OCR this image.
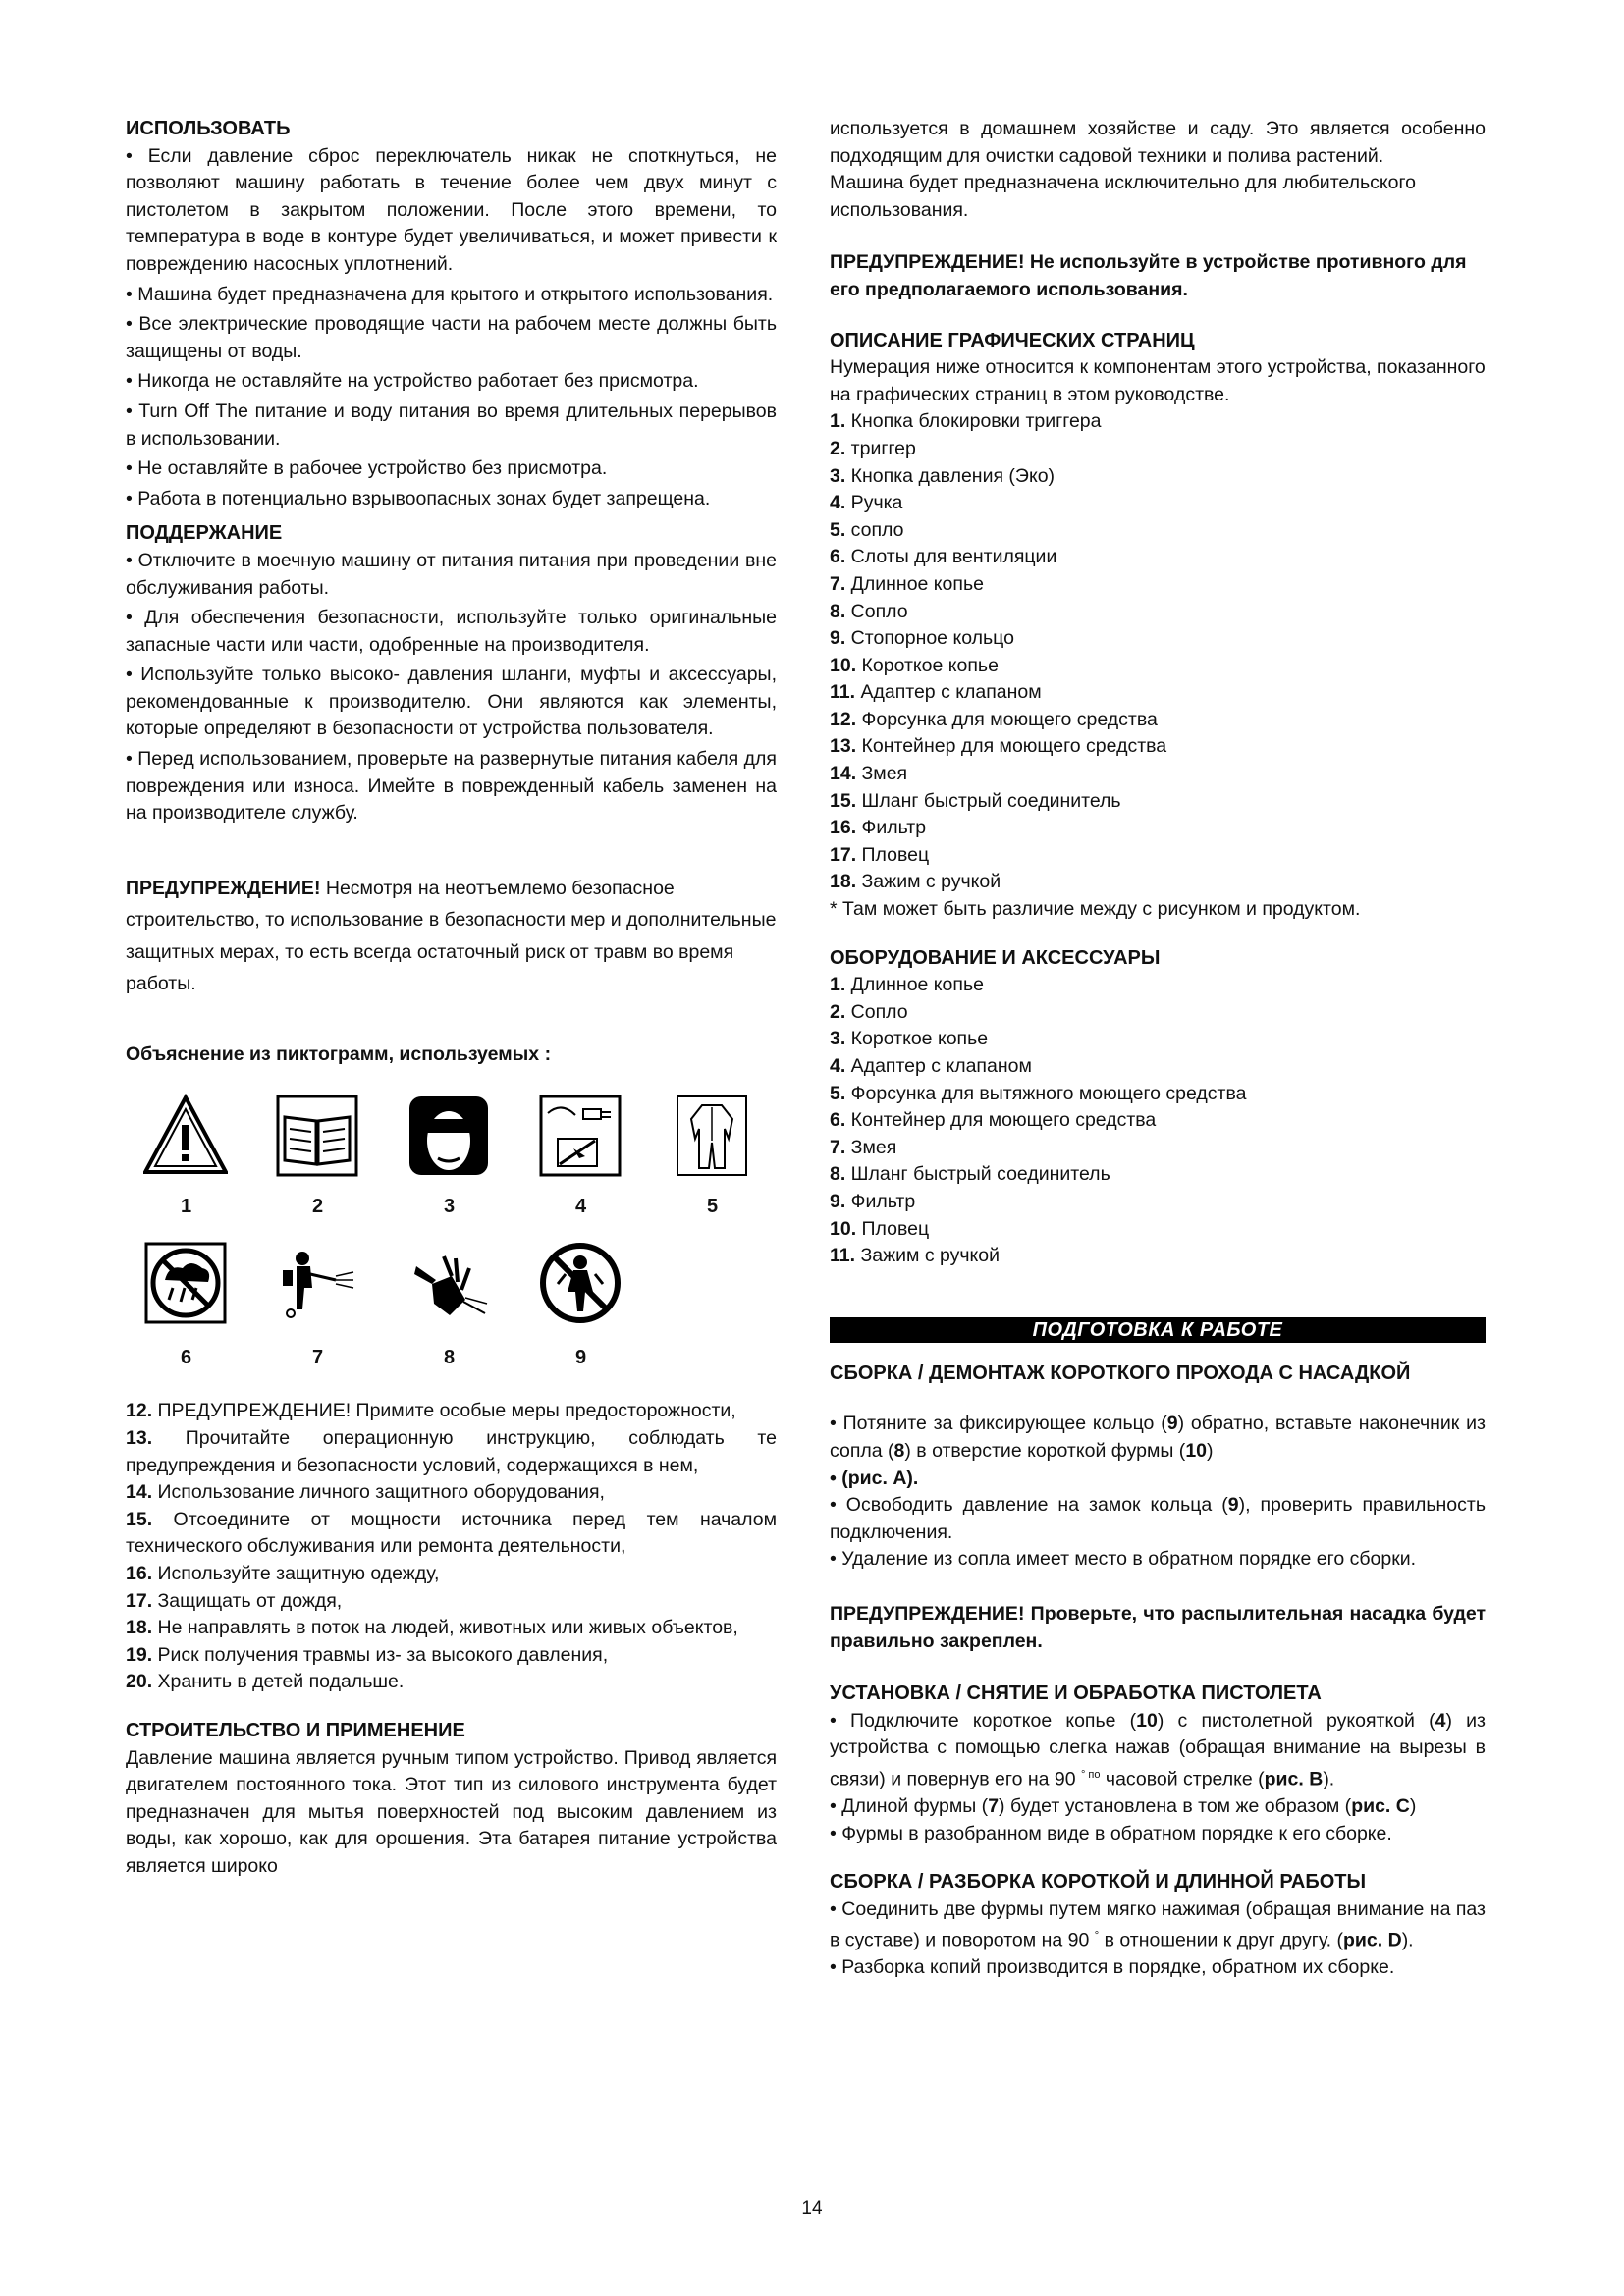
ИСПОЛЬЗОВАТЬ

• Если давление сброс переключатель никак не споткнуться, не позволяют машину работать в течение более чем двух минут с пистолетом в закрытом положении. После этого времени, то температура в воде в контуре будет увеличиваться, и может привести к повреждению насосных уплотнений.

• Машина будет предназначена для крытого и открытого использования.

• Все электрические проводящие части на рабочем месте должны быть защищены от воды.

• Никогда не оставляйте на устройство работает без присмотра.

• Turn Off The питание и воду питания во время длительных перерывов в использовании.

• Не оставляйте в рабочее устройство без присмотра.

• Работа в потенциально взрывоопасных зонах будет запрещена.

ПОДДЕРЖАНИЕ

• Отключите в моечную машину от питания питания при проведении вне обслуживания работы.

• Для обеспечения безопасности, используйте только оригинальные запасные части или части, одобренные на производителя.

• Используйте только высоко- давления шланги, муфты и аксессуары, рекомендованные к производителю. Они являются как элементы, которые определяют в безопасности от устройства пользователя.

• Перед использованием, проверьте на развернутые питания кабеля для повреждения или износа. Имейте в поврежденный кабель заменен на на производителе службу.

ПРЕДУПРЕЖДЕНИЕ! Несмотря на неотъемлемо безопасное строительство, то использование в безопасности мер и дополнительные защитных мерах, то есть всегда остаточный риск от травм во время работы.

Объяснение из пиктограмм, используемых :

1	2	3	4	5
6	7	8	9

12. ПРЕДУПРЕЖДЕНИЕ! Примите особые меры предосторожности,

13. Прочитайте операционную инструкцию, соблюдать те предупреждения и безопасности условий, содержащихся в нем,

14. Использование личного защитного оборудования,

15. Отсоедините от мощности источника перед тем началом технического обслуживания или ремонта деятельности,

16. Используйте защитную одежду,

17. Защищать от дождя,

18. Не направлять в поток на людей, животных или живых объектов,

19. Риск получения травмы из- за высокого давления,

20. Хранить в детей подальше.

СТРОИТЕЛЬСТВО И ПРИМЕНЕНИЕ

Давление машина является ручным типом устройство. Привод является двигателем постоянного тока. Этот тип из силового инструмента будет предназначен для мытья поверхностей под высоким давлением из воды, как хорошо, как для орошения. Эта батарея питание устройства является широко

используется в домашнем хозяйстве и саду. Это является особенно подходящим для очистки садовой техники и полива растений.

Машина будет предназначена исключительно для любительского использования.

ПРЕДУПРЕЖДЕНИЕ! Не используйте в устройстве противного для его предполагаемого использования.

ОПИСАНИЕ ГРАФИЧЕСКИХ СТРАНИЦ

Нумерация ниже относится к компонентам этого устройства, показанного на графических страниц в этом руководстве.

1. Кнопка блокировки триггера
2. триггер
3. Кнопка давления (Эко)
4. Ручка
5. сопло
6. Слоты для вентиляции
7. Длинное копье
8. Сопло
9. Стопорное кольцо
10. Короткое копье
11. Адаптер с клапаном
12. Форсунка для моющего средства
13. Контейнер для моющего средства
14. Змея
15. Шланг быстрый соединитель
16. Фильтр
17. Пловец
18. Зажим с ручкой

* Там может быть различие между с рисунком и продуктом.

ОБОРУДОВАНИЕ И АКСЕССУАРЫ

1. Длинное копье
2. Сопло
3. Короткое копье
4. Адаптер с клапаном
5. Форсунка для вытяжного моющего средства
6. Контейнер для моющего средства
7. Змея
8. Шланг быстрый соединитель
9. Фильтр
10. Пловец
11. Зажим с ручкой
ПОДГОТОВКА К РАБОТЕ

СБОРКА / ДЕМОНТАЖ КОРОТКОГО ПРОХОДА С НАСАДКОЙ

• Потяните за фиксирующее кольцо (9) обратно, вставьте наконечник из сопла (8) в отверстие короткой фурмы (10)

• (рис. A).

• Освободить давление на замок кольца (9), проверить правильность подключения.

• Удаление из сопла имеет место в обратном порядке его сборки.

ПРЕДУПРЕЖДЕНИЕ! Проверьте, что распылительная насадка будет правильно закреплен.

УСТАНОВКА / СНЯТИЕ И ОБРАБОТКА ПИСТОЛЕТА

• Подключите короткое копье (10) с пистолетной рукояткой (4) из устройства с помощью слегка нажав (обращая внимание на вырезы в связи) и повернув его на 90 $^{^\circ по}$ часовой стрелке (рис. B).

• Длиной фурмы (7) будет установлена в том же образом (рис. C)

• Фурмы в разобранном виде в обратном порядке к его сборке.

СБОРКА / РАЗБОРКА КОРОТКОЙ И ДЛИННОЙ РАБОТЫ

• Соединить две фурмы путем мягко нажимая (обращая внимание на паз в суставе) и поворотом на 90 ° в отношении к друг другу. (рис. D).

• Разборка копий производится в порядке, обратном их сборке.

14
